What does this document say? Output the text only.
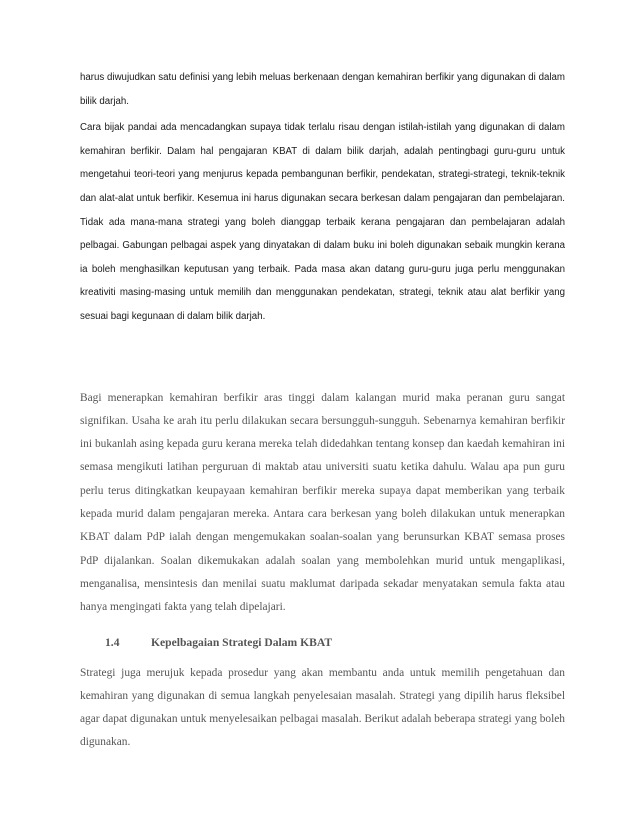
harus diwujudkan satu definisi yang lebih meluas berkenaan dengan kemahiran berfikir yang digunakan di dalam bilik darjah.

Cara bijak pandai ada mencadangkan supaya tidak terlalu risau dengan istilah-istilah yang digunakan di dalam kemahiran berfikir. Dalam hal pengajaran KBAT di dalam bilik darjah, adalah pentingbagi guru-guru untuk mengetahui teori-teori yang menjurus kepada pembangunan berfikir, pendekatan, strategi-strategi, teknik-teknik dan alat-alat untuk berfikir. Kesemua ini harus digunakan secara berkesan dalam pengajaran dan pembelajaran. Tidak ada mana-mana strategi yang boleh dianggap terbaik kerana pengajaran dan pembelajaran adalah pelbagai. Gabungan pelbagai aspek yang dinyatakan di dalam buku ini boleh digunakan sebaik mungkin kerana ia boleh menghasilkan keputusan yang terbaik. Pada masa akan datang guru-guru juga perlu menggunakan kreativiti masing-masing untuk memilih dan menggunakan pendekatan, strategi, teknik atau alat berfikir yang sesuai bagi kegunaan di dalam bilik darjah.

Bagi menerapkan kemahiran berfikir aras tinggi dalam kalangan murid maka peranan guru sangat signifikan. Usaha ke arah itu perlu dilakukan secara bersungguh-sungguh. Sebenarnya kemahiran berfikir ini bukanlah asing kepada guru kerana mereka telah didedahkan tentang konsep dan kaedah kemahiran ini semasa mengikuti latihan perguruan di maktab atau universiti suatu ketika dahulu. Walau apa pun guru perlu terus ditingkatkan keupayaan kemahiran berfikir mereka supaya dapat memberikan yang terbaik kepada murid dalam pengajaran mereka. Antara cara berkesan yang boleh dilakukan untuk menerapkan KBAT dalam PdP ialah dengan mengemukakan soalan-soalan yang berunsurkan KBAT semasa proses PdP dijalankan. Soalan dikemukakan adalah soalan yang membolehkan murid untuk mengaplikasi, menganalisa, mensintesis dan menilai suatu maklumat daripada sekadar menyatakan semula fakta atau hanya mengingati fakta yang telah dipelajari.

1.4	Kepelbagaian Strategi Dalam KBAT

Strategi juga merujuk kepada prosedur yang akan membantu anda untuk memilih pengetahuan dan kemahiran yang digunakan di semua langkah penyelesaian masalah. Strategi yang dipilih harus fleksibel agar dapat digunakan untuk menyelesaikan pelbagai masalah. Berikut adalah beberapa strategi yang boleh digunakan.
